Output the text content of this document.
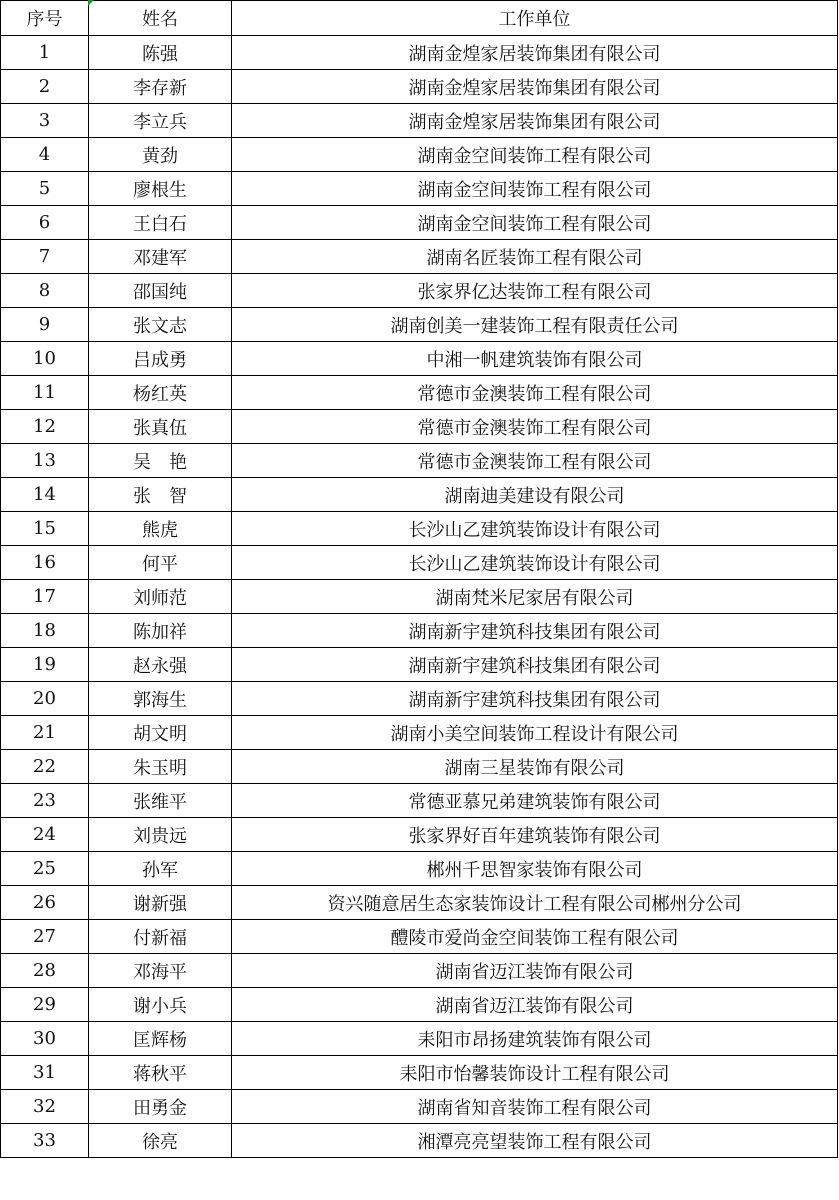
序号	姓名	工作单位
1	陈强	湖南金煌家居装饰集团有限公司
2	李存新	湖南金煌家居装饰集团有限公司
3	李立兵	湖南金煌家居装饰集团有限公司
4	黄劲	湖南金空间装饰工程有限公司
5	廖根生	湖南金空间装饰工程有限公司
6	王白石	湖南金空间装饰工程有限公司
7	邓建军	湖南名匠装饰工程有限公司
8	邵国纯	张家界亿达装饰工程有限公司
9	张文志	湖南创美一建装饰工程有限责任公司
10	吕成勇	中湘一帆建筑装饰有限公司
11	杨红英	常德市金澳装饰工程有限公司
12	张真伍	常德市金澳装饰工程有限公司
13	吴　艳	常德市金澳装饰工程有限公司
14	张　智	湖南迪美建设有限公司
15	熊虎	长沙山乙建筑装饰设计有限公司
16	何平	长沙山乙建筑装饰设计有限公司
17	刘师范	湖南梵米尼家居有限公司
18	陈加祥	湖南新宇建筑科技集团有限公司
19	赵永强	湖南新宇建筑科技集团有限公司
20	郭海生	湖南新宇建筑科技集团有限公司
21	胡文明	湖南小美空间装饰工程设计有限公司
22	朱玉明	湖南三星装饰有限公司
23	张维平	常德亚慕兄弟建筑装饰有限公司
24	刘贵远	张家界好百年建筑装饰有限公司
25	孙军	郴州千思智家装饰有限公司
26	谢新强	资兴随意居生态家装饰设计工程有限公司郴州分公司
27	付新福	醴陵市爱尚金空间装饰工程有限公司
28	邓海平	湖南省迈江装饰有限公司
29	谢小兵	湖南省迈江装饰有限公司
30	匡辉杨	耒阳市昂扬建筑装饰有限公司
31	蒋秋平	耒阳市怡馨装饰设计工程有限公司
32	田勇金	湖南省知音装饰工程有限公司
33	徐亮	湘潭亮亮望装饰工程有限公司
